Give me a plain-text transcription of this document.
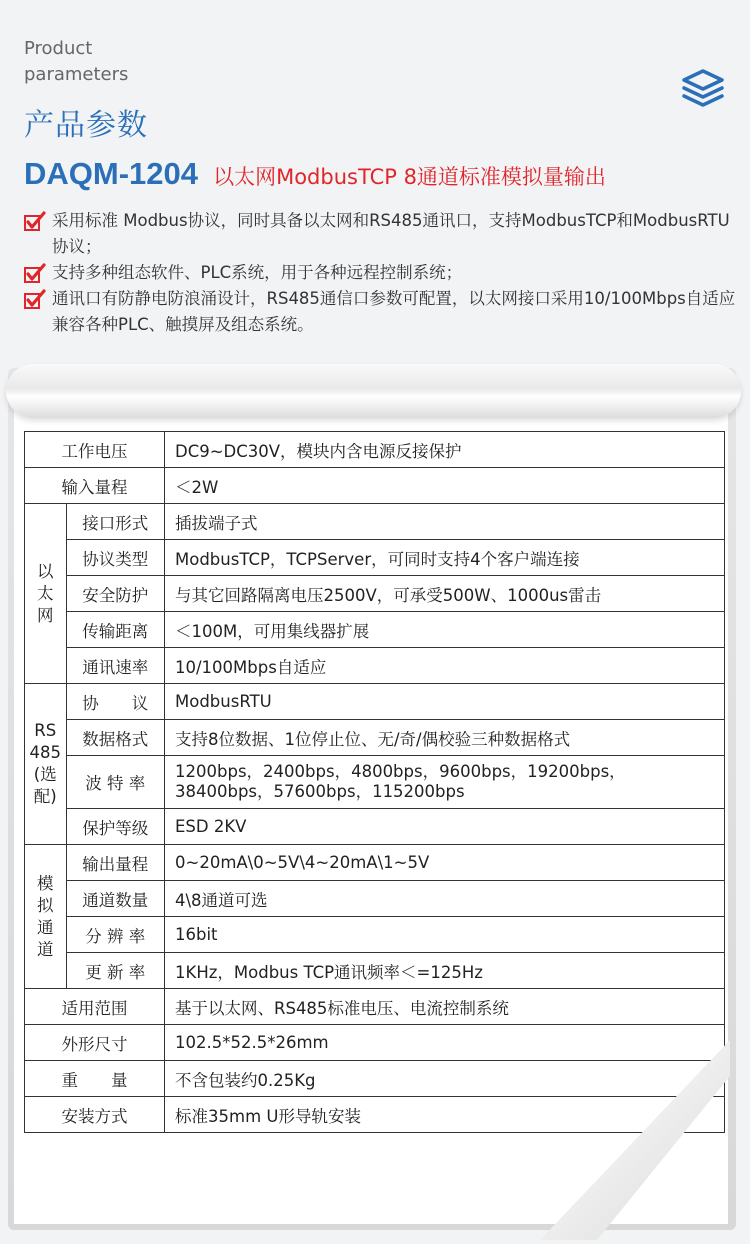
Product
parameters
产品参数
DAQM-1204 以太网ModbusTCP 8通道标准模拟量输出
采用标准 Modbus协议，同时具备以太网和RS485通讯口，支持ModbusTCP和ModbusRTU协议；
支持多种组态软件、PLC系统，用于各种远程控制系统；
通讯口有防静电防浪涌设计，RS485通信口参数可配置，以太网接口采用10/100Mbps自适应兼容各种PLC、触摸屏及组态系统。
工作电压		DC9~DC30V，模块内含电源反接保护
输入量程		＜2W
以
太
网	接口形式	插拔端子式
	协议类型	ModbusTCP，TCPServer，可同时支持4个客户端连接
	安全防护	与其它回路隔离电压2500V，可承受500W、1000us雷击
	传输距离	＜100M，可用集线器扩展
	通讯速率	10/100Mbps自适应
RS
485
(选配)	协　　议	ModbusRTU
	数据格式	支持8位数据、1位停止位、无/奇/偶校验三种数据格式
	波 特 率	1200bps，2400bps，4800bps，9600bps，19200bps，38400bps，57600bps，115200bps
	保护等级	ESD 2KV
模拟
通道	输出量程	0~20mA\0~5V\4~20mA\1~5V
	通道数量	4\8通道可选
	分 辨 率	16bit
	更 新 率	1KHz，Modbus TCP通讯频率＜=125Hz
适用范围		基于以太网、RS485标准电压、电流控制系统
外形尺寸		102.5*52.5*26mm
重　　量		不含包装约0.25Kg
安装方式		标准35mm U形导轨安装
